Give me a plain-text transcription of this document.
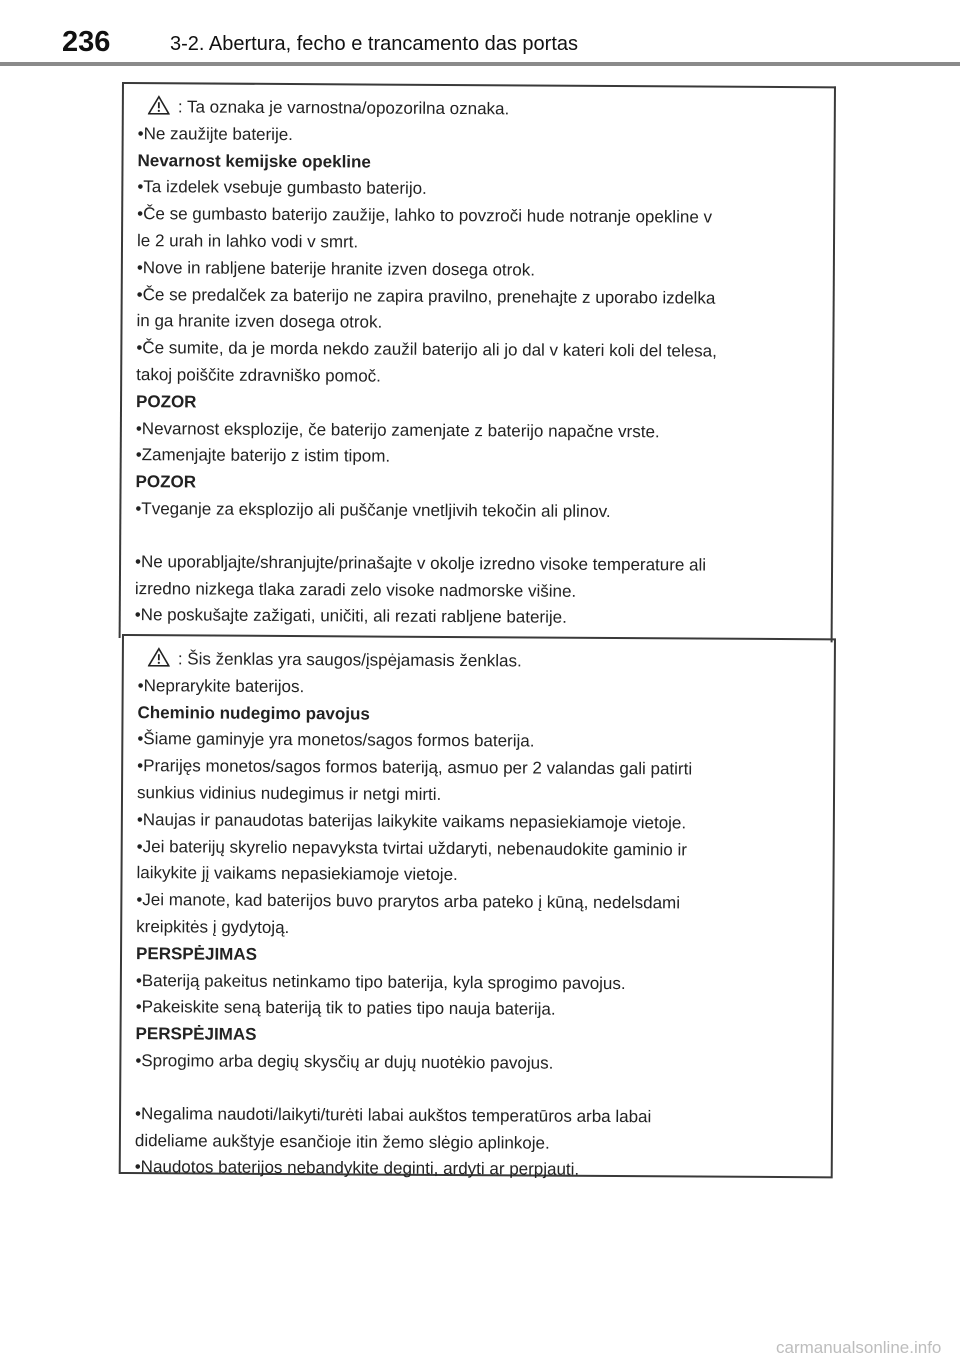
236	3-2. Abertura, fecho e trancamento das portas
: Ta oznaka je varnostna/opozorilna oznaka.
•Ne zaužijte baterije.
Nevarnost kemijske opekline
•Ta izdelek vsebuje gumbasto baterijo.
•Če se gumbasto baterijo zaužije, lahko to povzroči hude notranje opekline v
le 2 urah in lahko vodi v smrt.
•Nove in rabljene baterije hranite izven dosega otrok.
•Če se predalček za baterijo ne zapira pravilno, prenehajte z uporabo izdelka
in ga hranite izven dosega otrok.
•Če sumite, da je morda nekdo zaužil baterijo ali jo dal v kateri koli del telesa,
takoj poiščite zdravniško pomoč.
POZOR
•Nevarnost eksplozije, če baterijo zamenjate z baterijo napačne vrste.
•Zamenjajte baterijo z istim tipom.
POZOR
•Tveganje za eksplozijo ali puščanje vnetljivih tekočin ali plinov.
•Ne uporabljajte/shranjujte/prinašajte v okolje izredno visoke temperature ali
izredno nizkega tlaka zaradi zelo visoke nadmorske višine.
•Ne poskušajte zažigati, uničiti, ali rezati rabljene baterije.
: Šis ženklas yra saugos/įspėjamasis ženklas.
•Neprarykite baterijos.
Cheminio nudegimo pavojus
•Šiame gaminyje yra monetos/sagos formos baterija.
•Prarijęs monetos/sagos formos bateriją, asmuo per 2 valandas gali patirti
sunkius vidinius nudegimus ir netgi mirti.
•Naujas ir panaudotas baterijas laikykite vaikams nepasiekiamoje vietoje.
•Jei baterijų skyrelio nepavyksta tvirtai uždaryti, nebenaudokite gaminio ir
laikykite jį vaikams nepasiekiamoje vietoje.
•Jei manote, kad baterijos buvo prarytos arba pateko į kūną, nedelsdami
kreipkitės į gydytoją.
PERSPĖJIMAS
•Bateriją pakeitus netinkamo tipo baterija, kyla sprogimo pavojus.
•Pakeiskite seną bateriją tik to paties tipo nauja baterija.
PERSPĖJIMAS
•Sprogimo arba degių skysčių ar dujų nuotėkio pavojus.
•Negalima naudoti/laikyti/turėti labai aukštos temperatūros arba labai
dideliame aukštyje esančioje itin žemo slėgio aplinkoje.
•Naudotos baterijos nebandykite deginti, ardyti ar perpjauti.
carmanualsonline.info
